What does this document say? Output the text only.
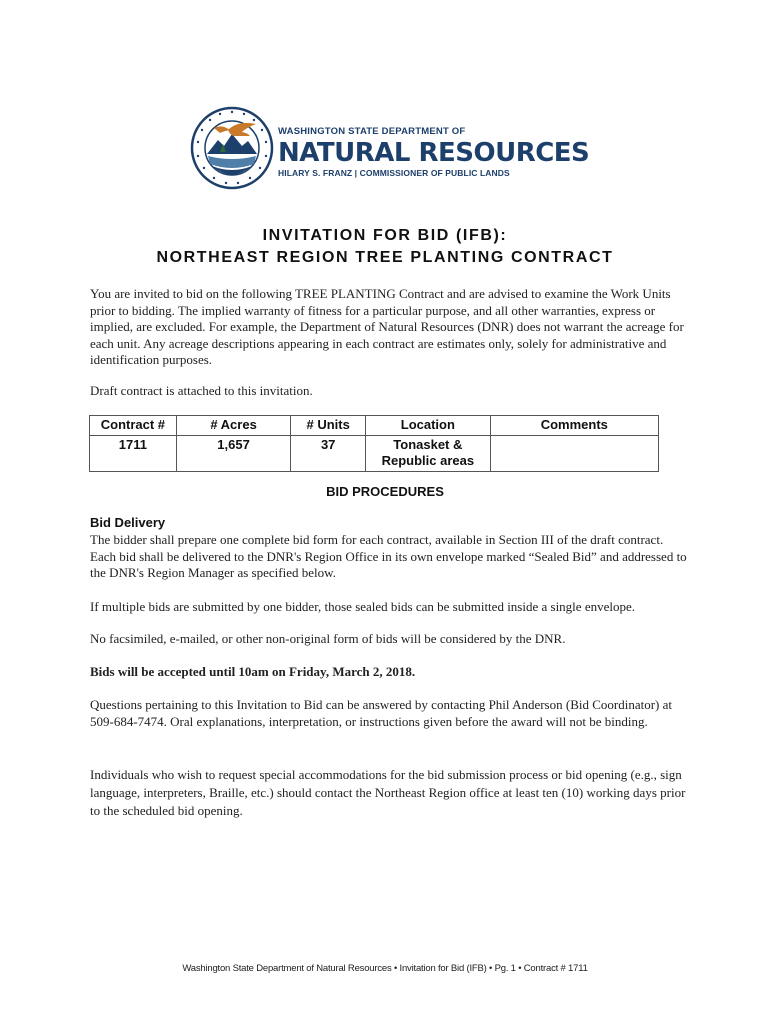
WASHINGTON STATE DEPARTMENT OF
NATURAL RESOURCES
HILARY S. FRANZ | COMMISSIONER OF PUBLIC LANDS
INVITATION FOR BID (IFB):
NORTHEAST REGION TREE PLANTING CONTRACT

You are invited to bid on the following TREE PLANTING Contract and are advised to examine the Work Units prior to bidding. The implied warranty of fitness for a particular purpose, and all other warranties, express or implied, are excluded. For example, the Department of Natural Resources (DNR) does not warrant the acreage for each unit. Any acreage descriptions appearing in each contract are estimates only, solely for administrative and identification purposes.

Draft contract is attached to this invitation.

Contract #	# Acres	# Units	Location	Comments
1711	1,657	37	Tonasket & Republic areas	
BID PROCEDURES
Bid Delivery

The bidder shall prepare one complete bid form for each contract, available in Section III of the draft contract. Each bid shall be delivered to the DNR's Region Office in its own envelope marked “Sealed Bid” and addressed to the DNR's Region Manager as specified below.

If multiple bids are submitted by one bidder, those sealed bids can be submitted inside a single envelope.

No facsimiled, e-mailed, or other non-original form of bids will be considered by the DNR.

Bids will be accepted until 10am on Friday, March 2, 2018.

Questions pertaining to this Invitation to Bid can be answered by contacting Phil Anderson (Bid Coordinator) at 509-684-7474. Oral explanations, interpretation, or instructions given before the award will not be binding.

Individuals who wish to request special accommodations for the bid submission process or bid opening (e.g., sign language, interpreters, Braille, etc.) should contact the Northeast Region office at least ten (10) working days prior to the scheduled bid opening.

Washington State Department of Natural Resources • Invitation for Bid (IFB) • Pg. 1 • Contract # 1711
